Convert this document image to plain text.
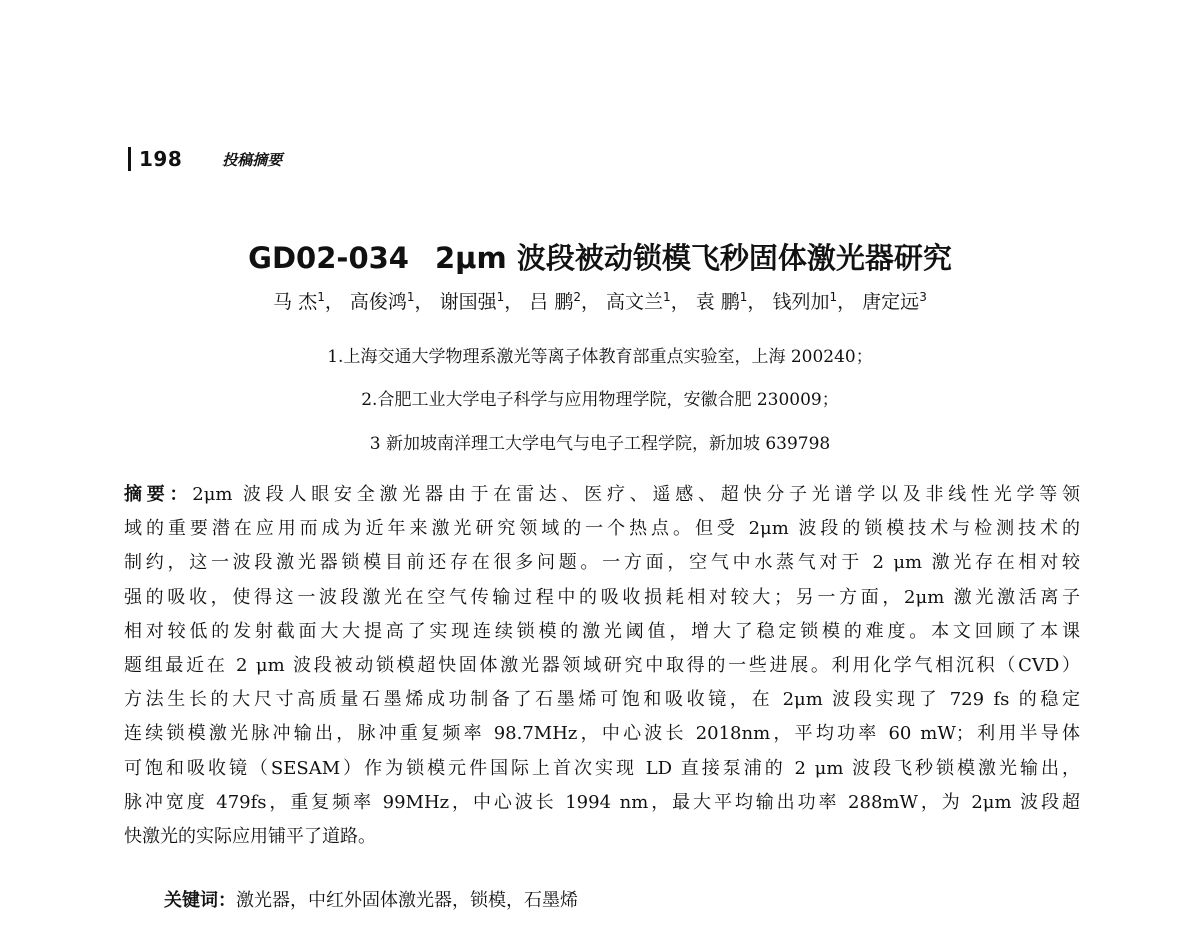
198	投稿摘要
GD02-034 2μm 波段被动锁模飞秒固体激光器研究
马 杰$^1$， 高俊鸿$^1$， 谢国强$^1$， 吕 鹏$^2$， 高文兰$^1$， 袁 鹏$^1$， 钱列加$^1$， 唐定远$^3$
1.上海交通大学物理系激光等离子体教育部重点实验室，上海 200240；
2.合肥工业大学电子科学与应用物理学院，安徽合肥 230009；
3 新加坡南洋理工大学电气与电子工程学院，新加坡 639798
摘要：2μm 波段人眼安全激光器由于在雷达、医疗、遥感、超快分子光谱学以及非线性光学等领
域的重要潜在应用而成为近年来激光研究领域的一个热点。但受 2μm 波段的锁模技术与检测技术的
制约，这一波段激光器锁模目前还存在很多问题。一方面，空气中水蒸气对于 2 μm 激光存在相对较
强的吸收，使得这一波段激光在空气传输过程中的吸收损耗相对较大；另一方面，2μm 激光激活离子
相对较低的发射截面大大提高了实现连续锁模的激光阈值，增大了稳定锁模的难度。本文回顾了本课
题组最近在 2 μm 波段被动锁模超快固体激光器领域研究中取得的一些进展。利用化学气相沉积（CVD）
方法生长的大尺寸高质量石墨烯成功制备了石墨烯可饱和吸收镜，在 2μm 波段实现了 729 fs 的稳定
连续锁模激光脉冲输出，脉冲重复频率 98.7MHz，中心波长 2018nm，平均功率 60 mW；利用半导体
可饱和吸收镜（SESAM）作为锁模元件国际上首次实现 LD 直接泵浦的 2 μm 波段飞秒锁模激光输出，
脉冲宽度 479fs，重复频率 99MHz，中心波长 1994 nm，最大平均输出功率 288mW，为 2μm 波段超
快激光的实际应用铺平了道路。
关键词：激光器，中红外固体激光器，锁模，石墨烯
